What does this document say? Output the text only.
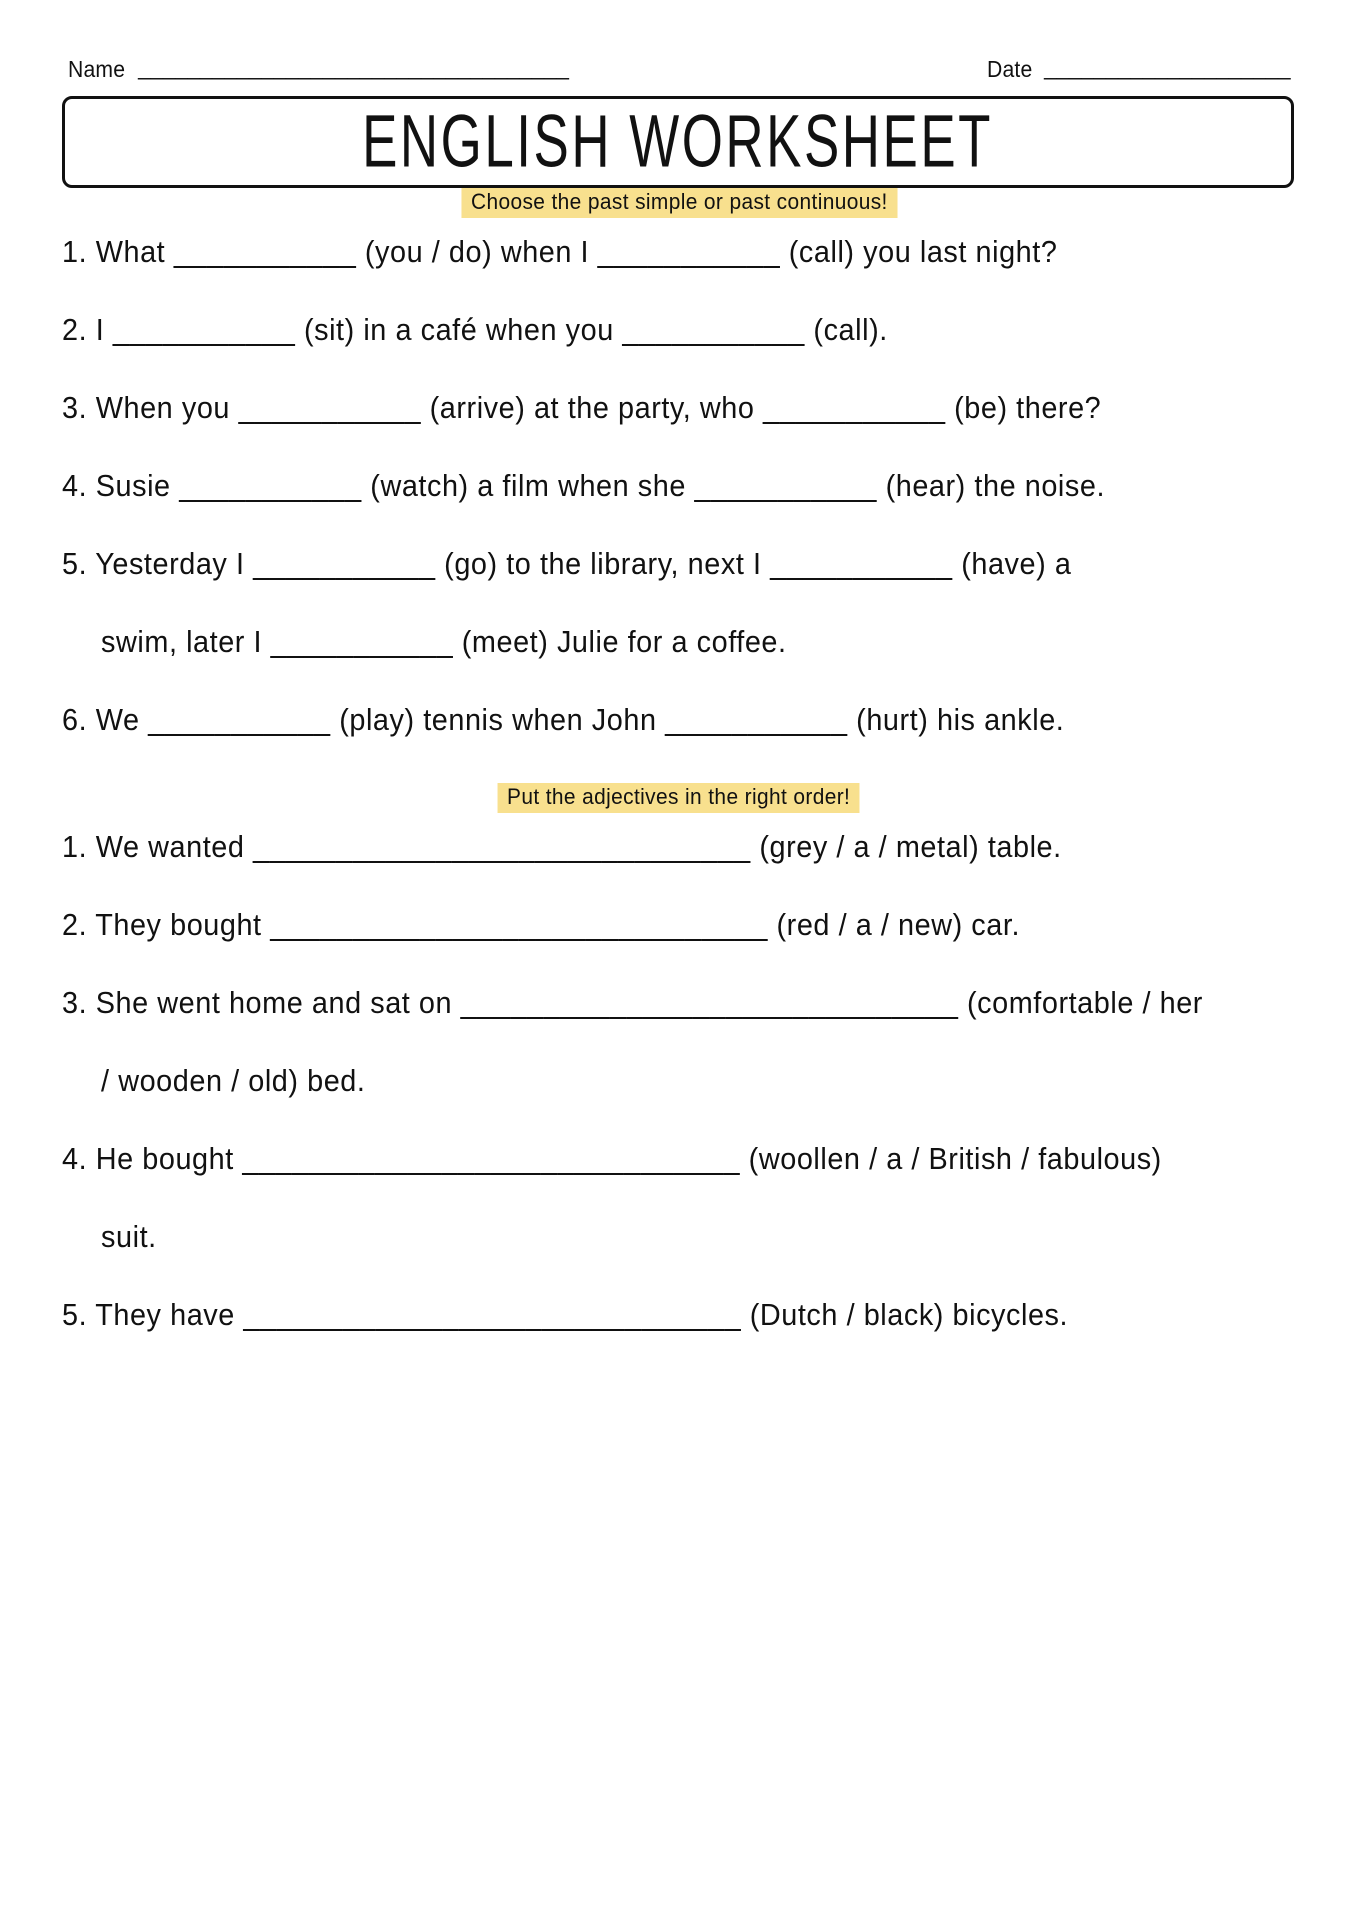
Name ___________________________________	Date ____________________
ENGLISH WORKSHEET
Choose the past simple or past continuous!
1. What ___________ (you / do) when I ___________ (call) you last night?
2. I ___________ (sit) in a café when you ___________ (call).
3. When you ___________ (arrive) at the party, who ___________ (be) there?
4. Susie ___________ (watch) a film when she ___________ (hear) the noise.
5. Yesterday I ___________ (go) to the library, next I ___________ (have) a
swim, later I ___________ (meet) Julie for a coffee.
6. We ___________ (play) tennis when John ___________ (hurt) his ankle.
Put the adjectives in the right order!
1. We wanted ______________________________ (grey / a / metal) table.
2. They bought ______________________________ (red / a / new) car.
3. She went home and sat on ______________________________ (comfortable / her
/ wooden / old) bed.
4. He bought ______________________________ (woollen / a / British / fabulous)
suit.
5. They have ______________________________ (Dutch / black) bicycles.
